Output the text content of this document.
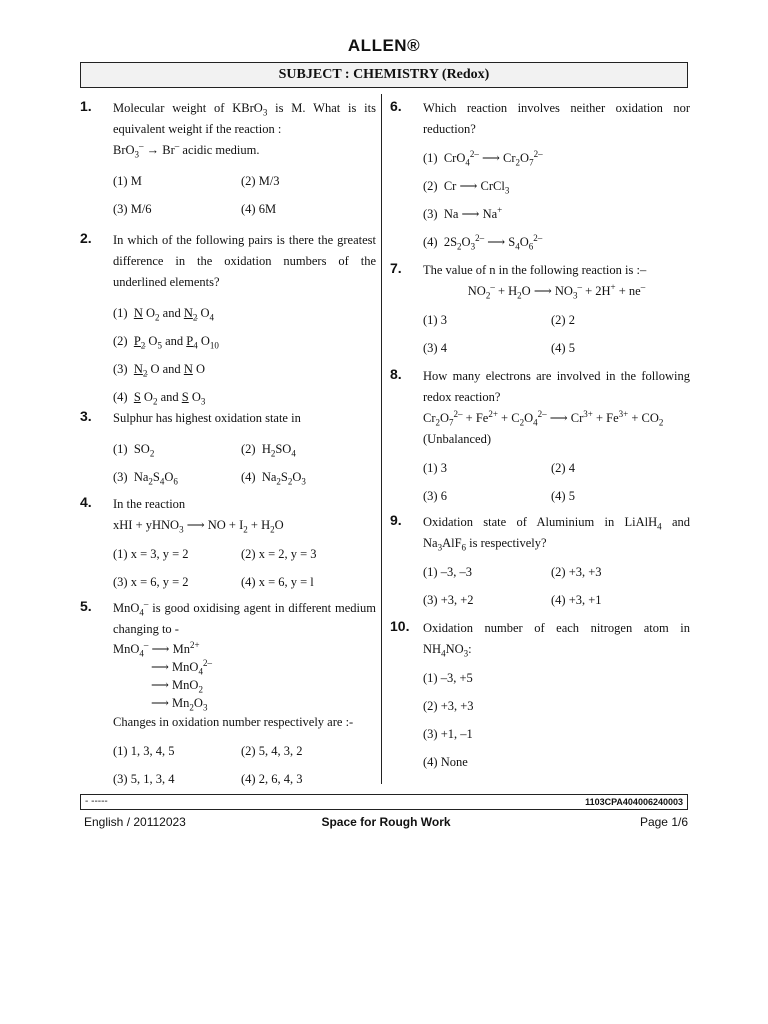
ALLEN®
SUBJECT : CHEMISTRY (Redox)
1. Molecular weight of KBrO$_3$ is M. What is its equivalent weight if the reaction :
BrO$_3$– → Br– acidic medium.
(1) M	(2) M/3
(3) M/6	(4) 6M
2. In which of the following pairs is there the greatest difference in the oxidation numbers of the underlined elements?
(1)  N $O_2$ and $N_2$ $O_4$
(2)  $P_2$ $O_5$ and $P_4$ $O_{10}$
(3)  $N_2$ O and N O
(4)  S $O_2$ and S $O_3$
3. Sulphur has highest oxidation state in
(1)  $SO_2$	(2)  $H_2SO_4$
(3)  $Na_2S_4O_6$	(4)  $Na_2S_2O_3$
4. In the reaction
xHI + yHNO$_3$ ⟶ NO + $I_2 + H_2O$
(1) x = 3, y = 2	(2) x = 2, y = 3
(3) x = 6, y = 2	(4) x = 6, y = l
5. MnO$_4$– is good oxidising agent in different medium changing to -
MnO$_4$– ⟶ $Mn^{2+}$
⟶ MnO$_4^{2-}$
⟶ MnO$_2$
⟶ $Mn_2O_3$
Changes in oxidation number respectively are :-
(1) 1, 3, 4, 5	(2) 5, 4, 3, 2
(3) 5, 1, 3, 4	(4) 2, 6, 4, 3
6. Which reaction involves neither oxidation nor reduction?
(1)  CrO$_4^{2-}$ ⟶ $Cr_2O_7^{2-}$
(2)  Cr ⟶ CrCl$_3$
(3)  Na ⟶ Na+
(4)  $2S_2O_3^{2-}$ ⟶ $S_4O_6^{2-}$
7. The value of n in the following reaction is :–
$NO_2^- + H_2O$ ⟶ $NO_3^- + 2H^+ + ne^-$
(1) 3	(2) 2
(3) 4	(4) 5
8. How many electrons are involved in the following redox reaction?
$Cr_2O_7^{2-} + Fe^{2+} + C_2O_4^{2-}$ ⟶ $Cr^{3+} + Fe^{3+} + CO_2$
(Unbalanced)
(1) 3	(2) 4
(3) 6	(4) 5
9. Oxidation state of Aluminium in LiAlH$_4$ and $Na_3AlF_6$ is respectively?
(1) –3, –3	(2) +3, +3
(3) +3, +2	(4) +3, +1
10. Oxidation number of each nitrogen atom in $NH_4NO_3$:
(1) –3, +5
(2) +3, +3
(3) +1, –1
(4) None
- -----	1103CPA404006240003
English / 20112023	Space for Rough Work	Page 1/6
